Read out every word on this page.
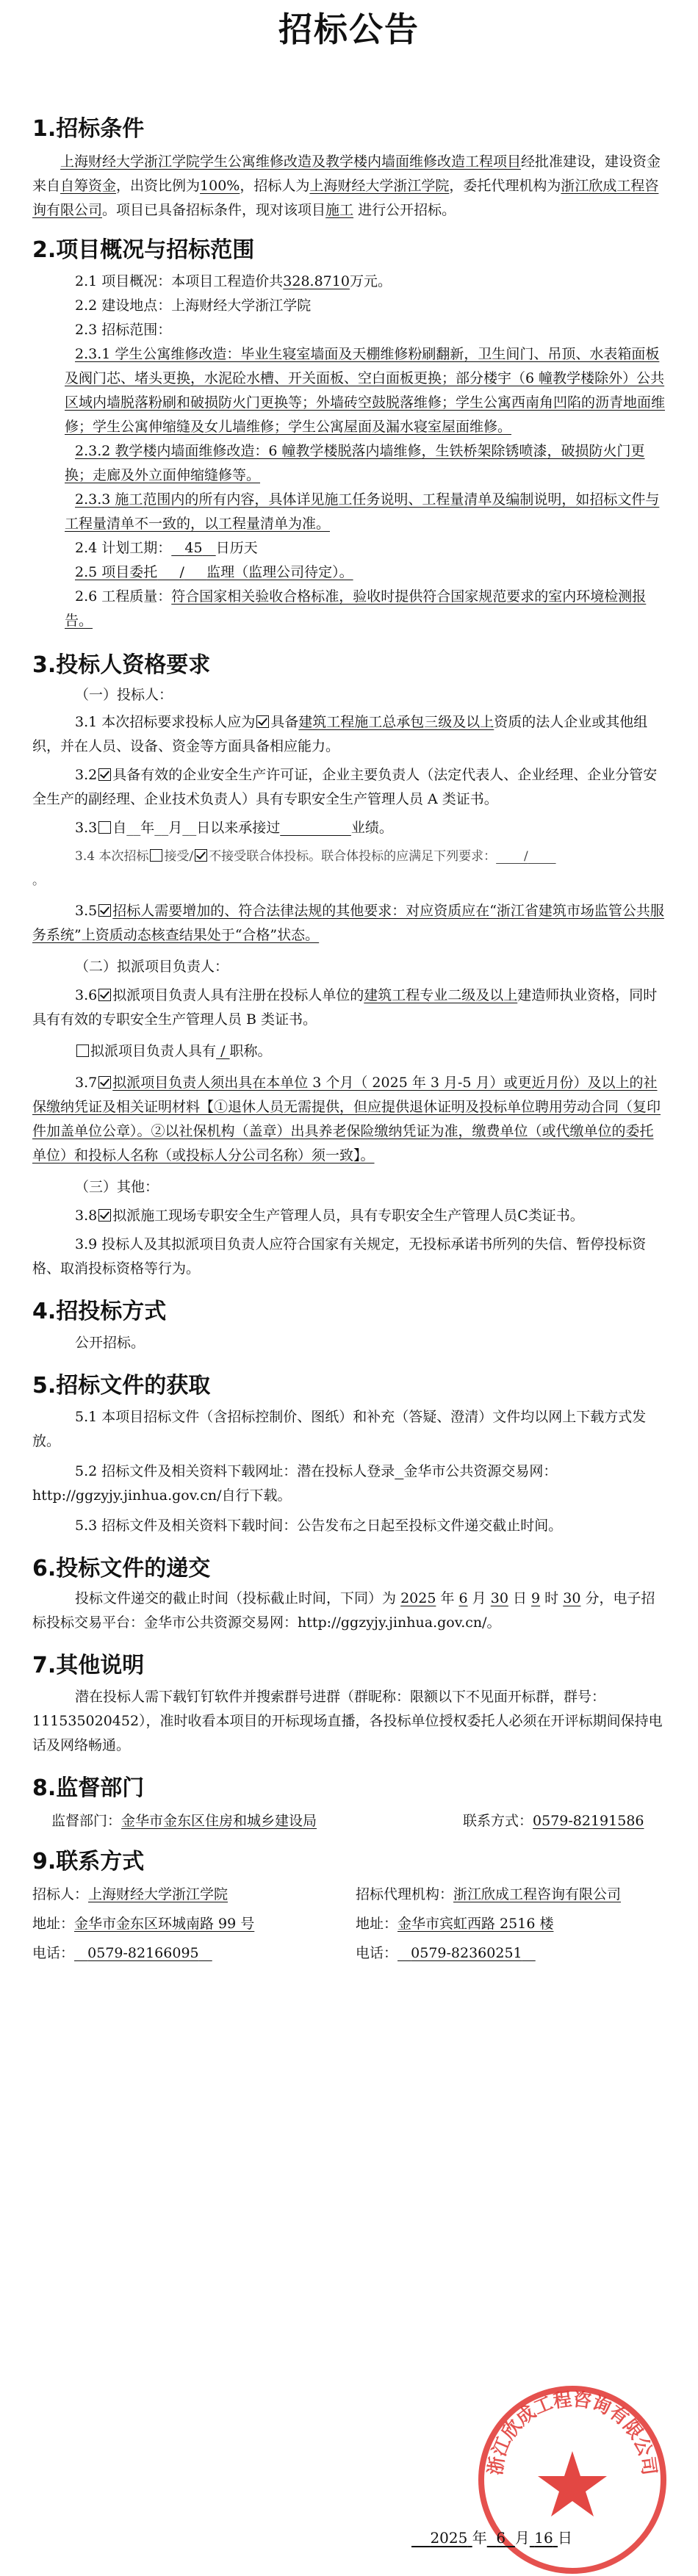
招标公告
1.招标条件

上海财经大学浙江学院学生公寓维修改造及教学楼内墙面维修改造工程项目经批准建设，建设资金来自自筹资金，出资比例为100%，招标人为上海财经大学浙江学院，委托代理机构为浙江欣成工程咨询有限公司。项目已具备招标条件，现对该项目施工 进行公开招标。

2.项目概况与招标范围

2.1 项目概况：本项目工程造价共328.8710万元。

2.2 建设地点：上海财经大学浙江学院

2.3 招标范围：

2.3.1 学生公寓维修改造：毕业生寝室墙面及天棚维修粉刷翻新，卫生间门、吊顶、水表箱面板及阀门芯、堵头更换，水泥砼水槽、开关面板、空白面板更换；部分楼宇（6 幢教学楼除外）公共区域内墙脱落粉刷和破损防火门更换等；外墙砖空鼓脱落维修；学生公寓西南角凹陷的沥青地面维修；学生公寓伸缩缝及女儿墙维修；学生公寓屋面及漏水寝室屋面维修。

2.3.2 教学楼内墙面维修改造：6 幢教学楼脱落内墙维修，生铁桥架除锈喷漆，破损防火门更换；走廊及外立面伸缩缝修等。

2.3.3 施工范围内的所有内容，具体详见施工任务说明、工程量清单及编制说明，如招标文件与工程量清单不一致的，以工程量清单为准。

2.4 计划工期： 45 日历天

2.5 项目委托 / 监理（监理公司待定）。

2.6 工程质量：符合国家相关验收合格标准，验收时提供符合国家规范要求的室内环境检测报告。

3.投标人资格要求

（一）投标人：

3.1 本次招标要求投标人应为 具备建筑工程施工总承包三级及以上资质的法人企业或其他组织，并在人员、设备、资金等方面具备相应能力。

3.2 具备有效的企业安全生产许可证，企业主要负责人（法定代表人、企业经理、企业分管安全生产的副经理、企业技术负责人）具有专职安全生产管理人员 A 类证书。

3.3 自__年__月__日以来承接过	业绩。

3.4 本次招标 接受/ 不接受联合体投标。联合体投标的应满足下列要求： /

。

3.5 招标人需要增加的、符合法律法规的其他要求：对应资质应在“浙江省建筑市场监管公共服务系统”上资质动态核查结果处于“合格”状态。

（二）拟派项目负责人：

3.6 拟派项目负责人具有注册在投标人单位的建筑工程专业二级及以上建造师执业资格，同时具有有效的专职安全生产管理人员 B 类证书。

拟派项目负责人具有 / 职称。

3.7 拟派项目负责人须出具在本单位 3 个月（ 2025 年 3 月-5 月）或更近月份）及以上的社保缴纳凭证及相关证明材料【①退休人员无需提供，但应提供退休证明及投标单位聘用劳动合同（复印件加盖单位公章）。②以社保机构（盖章）出具养老保险缴纳凭证为准，缴费单位（或代缴单位的委托单位）和投标人名称（或投标人分公司名称）须一致】。

（三）其他：

3.8 拟派施工现场专职安全生产管理人员，具有专职安全生产管理人员C类证书。

3.9 投标人及其拟派项目负责人应符合国家有关规定，无投标承诺书所列的失信、暂停投标资格、取消投标资格等行为。

4.招投标方式

公开招标。

5.招标文件的获取

5.1 本项目招标文件（含招标控制价、图纸）和补充（答疑、澄清）文件均以网上下载方式发放。

5.2 招标文件及相关资料下载网址：潜在投标人登录 金华市公共资源交易网：http://ggzyjy.jinhua.gov.cn/自行下载。

5.3 招标文件及相关资料下载时间：公告发布之日起至投标文件递交截止时间。

6.投标文件的递交

投标文件递交的截止时间（投标截止时间，下同）为 2025 年 6 月 30 日 9 时 30 分，电子招标投标交易平台：金华市公共资源交易网：http://ggzyjy.jinhua.gov.cn/。

7.其他说明

潜在投标人需下载钉钉软件并搜索群号进群（群昵称：限额以下不见面开标群，群号：111535020452），准时收看本项目的开标现场直播，各投标单位授权委托人必须在开评标期间保持电话及网络畅通。

8.监督部门
监督部门：金华市金东区住房和城乡建设局	联系方式：0579-82191586
9.联系方式
招标人：上海财经大学浙江学院	招标代理机构：浙江欣成工程咨询有限公司
地址：金华市金东区环城南路 99 号	地址：金华市宾虹西路 2516 楼
电话： 0579-82166095	电话： 0579-82360251
浙江欣成工程咨询有限公司
2025 年 6 月 16 日
